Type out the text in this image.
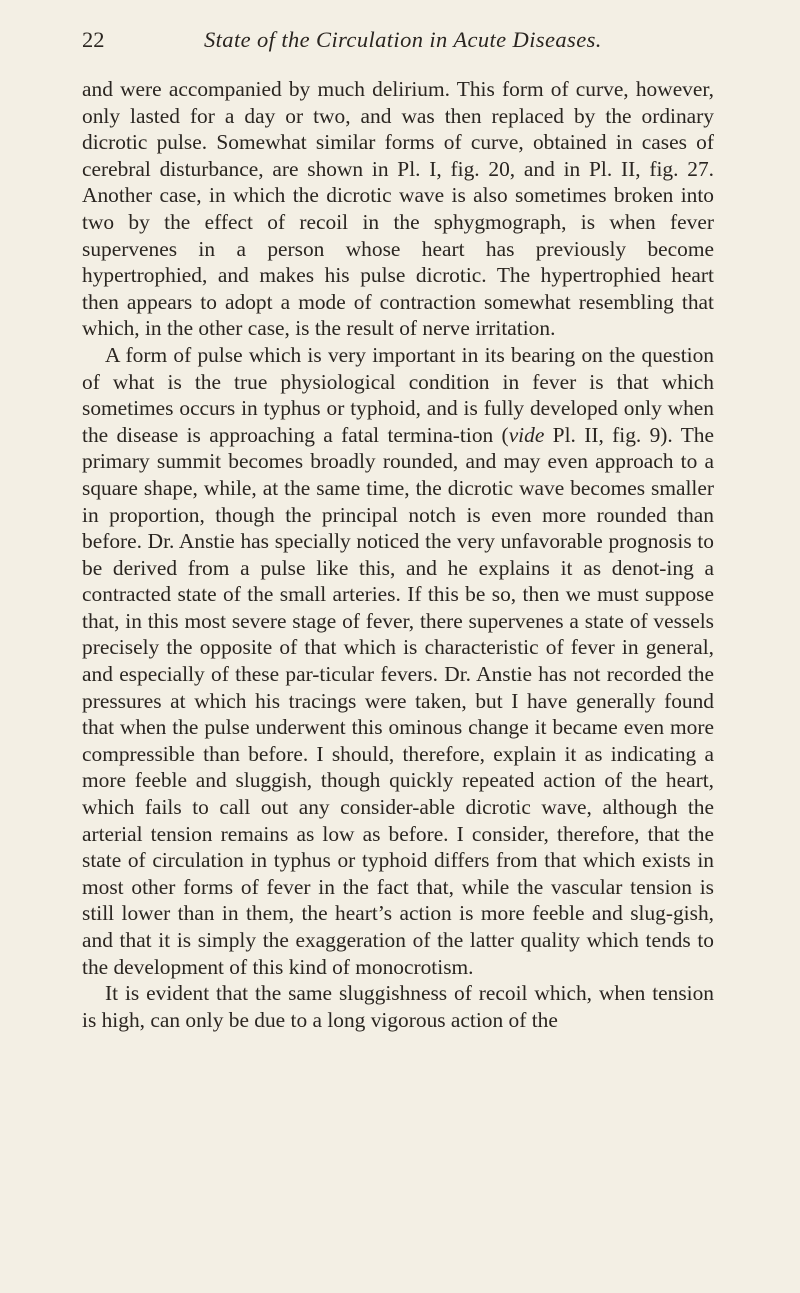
22	State of the Circulation in Acute Diseases.

and were accompanied by much delirium. This form of curve, however, only lasted for a day or two, and was then replaced by the ordinary dicrotic pulse. Somewhat similar forms of curve, obtained in cases of cerebral disturbance, are shown in Pl. I, fig. 20, and in Pl. II, fig. 27. Another case, in which the dicrotic wave is also sometimes broken into two by the effect of recoil in the sphygmograph, is when fever supervenes in a person whose heart has previously become hypertrophied, and makes his pulse dicrotic. The hypertrophied heart then appears to adopt a mode of contraction somewhat resembling that which, in the other case, is the result of nerve irritation.

A form of pulse which is very important in its bearing on the question of what is the true physiological condition in fever is that which sometimes occurs in typhus or typhoid, and is fully developed only when the disease is approaching a fatal termina-tion (vide Pl. II, fig. 9). The primary summit becomes broadly rounded, and may even approach to a square shape, while, at the same time, the dicrotic wave becomes smaller in proportion, though the principal notch is even more rounded than before. Dr. Anstie has specially noticed the very unfavorable prognosis to be derived from a pulse like this, and he explains it as denot-ing a contracted state of the small arteries. If this be so, then we must suppose that, in this most severe stage of fever, there supervenes a state of vessels precisely the opposite of that which is characteristic of fever in general, and especially of these par-ticular fevers. Dr. Anstie has not recorded the pressures at which his tracings were taken, but I have generally found that when the pulse underwent this ominous change it became even more compressible than before. I should, therefore, explain it as indicating a more feeble and sluggish, though quickly repeated action of the heart, which fails to call out any consider-able dicrotic wave, although the arterial tension remains as low as before. I consider, therefore, that the state of circulation in typhus or typhoid differs from that which exists in most other forms of fever in the fact that, while the vascular tension is still lower than in them, the heart’s action is more feeble and slug-gish, and that it is simply the exaggeration of the latter quality which tends to the development of this kind of monocrotism.

It is evident that the same sluggishness of recoil which, when tension is high, can only be due to a long vigorous action of the
